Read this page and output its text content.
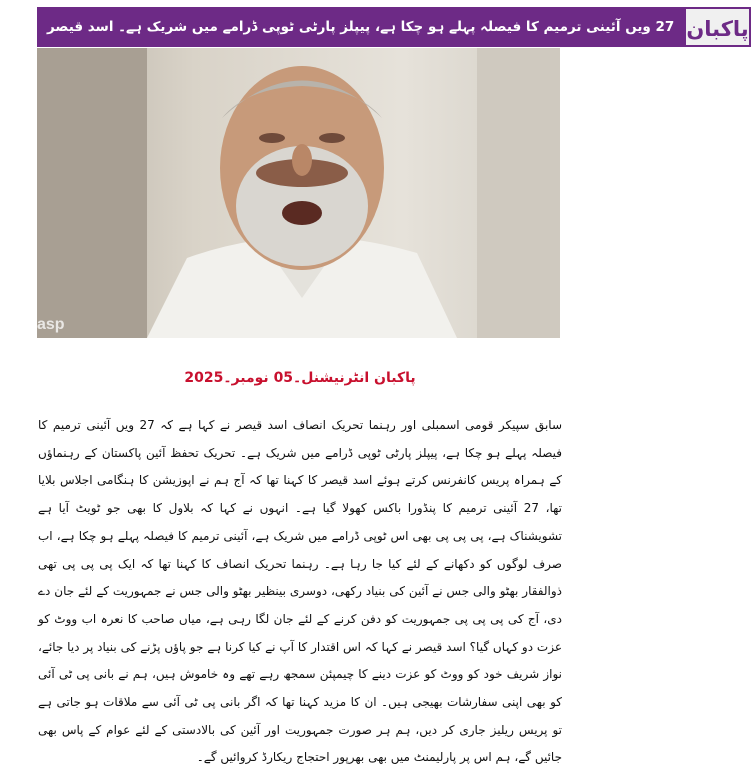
27 ویں آئینی ترمیم کا فیصلہ پہلے ہو چکا ہے، پیپلز پارٹی ٹوپی ڈرامے میں شریک ہے۔ اسد قیصر پاکبان
asp
پاکبان انٹرنیشنل۔05 نومبر۔2025

سابق سپیکر قومی اسمبلی اور رہنما تحریک انصاف اسد قیصر نے کہا ہے کہ 27 ویں آئینی ترمیم کا فیصلہ پہلے ہو چکا ہے، پیپلز پارٹی ٹوپی ڈرامے میں شریک ہے۔ تحریک تحفظ آئین پاکستان کے رہنماؤں کے ہمراہ پریس کانفرنس کرتے ہوئے اسد قیصر کا کہنا تھا کہ آج ہم نے اپوزیشن کا ہنگامی اجلاس بلایا تھا، 27 آئینی ترمیم کا پنڈورا باکس کھولا گیا ہے۔ انہوں نے کہا کہ بلاول کا بھی جو ٹویٹ آیا ہے تشویشناک ہے، پی پی پی بھی اس ٹوپی ڈرامے میں شریک ہے، آئینی ترمیم کا فیصلہ پہلے ہو چکا ہے، اب صرف لوگوں کو دکھانے کے لئے کیا جا رہا ہے۔ رہنما تحریک انصاف کا کہنا تھا کہ ایک پی پی پی تھی ذوالفقار بھٹو والی جس نے آئین کی بنیاد رکھی، دوسری بینظیر بھٹو والی جس نے جمہوریت کے لئے جان دے دی، آج کی پی پی پی جمہوریت کو دفن کرنے کے لئے جان لگا رہی ہے، میاں صاحب کا نعرہ اب ووٹ کو عزت دو کہاں گیا؟ اسد قیصر نے کہا کہ اس اقتدار کا آپ نے کیا کرنا ہے جو پاؤں پڑنے کی بنیاد پر دیا جائے، نواز شریف خود کو ووٹ کو عزت دینے کا چیمپئن سمجھ رہے تھے وہ خاموش ہیں، ہم نے بانی پی ٹی آئی کو بھی اپنی سفارشات بھیجی ہیں۔ ان کا مزید کہنا تھا کہ اگر بانی پی ٹی آئی سے ملاقات ہو جاتی ہے تو پریس ریلیز جاری کر دیں، ہم ہر صورت جمہوریت اور آئین کی بالادستی کے لئے عوام کے پاس بھی جائیں گے، ہم اس پر پارلیمنٹ میں بھی بھرپور احتجاج ریکارڈ کروائیں گے۔
